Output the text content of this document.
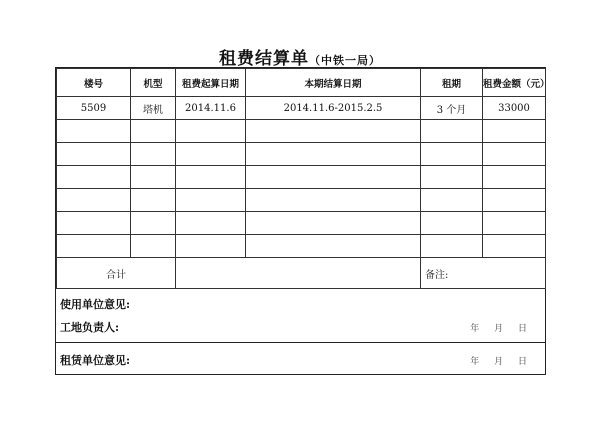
租费结算单（中铁一局）
楼号	机型	租费起算日期	本期结算日期	租期	租费金额（元）
5509	塔机	2014.11.6	2014.11.6-2015.2.5	3 个月	33000

合计				备注:	
使用单位意见:
工地负责人:	年 月 日
租赁单位意见:	年 月 日
